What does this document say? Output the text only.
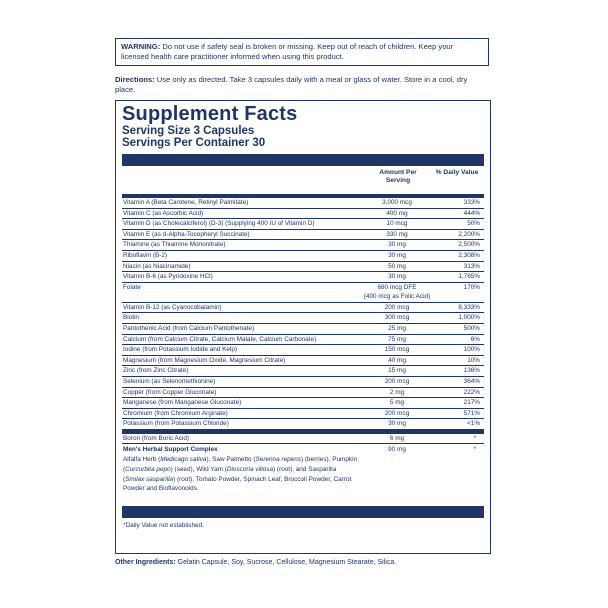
WARNING: Do not use if safety seal is broken or missing. Keep out of reach of children. Keep your licensed health care practitioner informed when using this product.
Directions: Use only as directed. Take 3 capsules daily with a meal or glass of water. Store in a cool, dry place.
Supplement Facts
Serving Size 3 Capsules
Servings Per Container 30
Amount Per Serving
% Daily Value
Vitamin A (Beta Carotene, Retinyl Palmitate)	3,000 mcg	333%
Vitamin C (as Ascorbic Acid)	400 mg	444%
Vitamin D (as Cholecalciferol) (D-3) (Supplying 400 IU of Vitamin D)	10 mcg	50%
Vitamin E (as d-Alpha-Tocopheryl Succinate)	330 mg	2,200%
Thiamine (as Thiamine Mononitrate)	30 mg	2,500%
Riboflavin (B-2)	30 mg	2,308%
Niacin (as Niacinamide)	50 mg	313%
Vitamin B-6 (as Pyridoxine HCl)	30 mg	1,765%
Folate	680 mcg DFE	170%
(400 mcg as Folic Acid)
Vitamin B-12 (as Cyanocobalamin)	200 mcg	8,333%
Biotin	300 mcg	1,000%
Pantothenic Acid (from Calcium Pantothenate)	25 mg	500%
Calcium (from Calcium Citrate, Calcium Malate, Calcium Carbonate)	75 mg	6%
Iodine (from Potassium Iodide and Kelp)	150 mcg	100%
Magnesium (from Magnesium Oxide, Magnesium Citrate)	40 mg	10%
Zinc (from Zinc Citrate)	15 mg	136%
Selenium (as Selenomethionine)	200 mcg	364%
Copper (from Copper Gluconate)	2 mg	222%
Manganese (from Manganese Gluconate)	5 mg	217%
Chromium (from Chromium Arginate)	200 mcg	571%
Potassium (from Potassium Chloride)	30 mg	<1%
Boron (from Boric Acid)	6 mg	*
Men's Herbal Support Complex	90 mg	*
Alfalfa Herb (Medicago sativa), Saw Palmetto (Serenoa repens) (berries), Pumpkin (Curcurbita pepo) (seed), Wild Yam (Dioscoria villosa) (root), and Sasparilla (Smilax sasparilla) (root), Tomato Powder, Spinach Leaf, Broccoli Powder, Carrot Powder and Bioflavonoids.
*Daily Value not established.
Other Ingredients: Gelatin Capsule, Soy, Sucrose, Cellulose, Magnesium Stearate, Silica.
